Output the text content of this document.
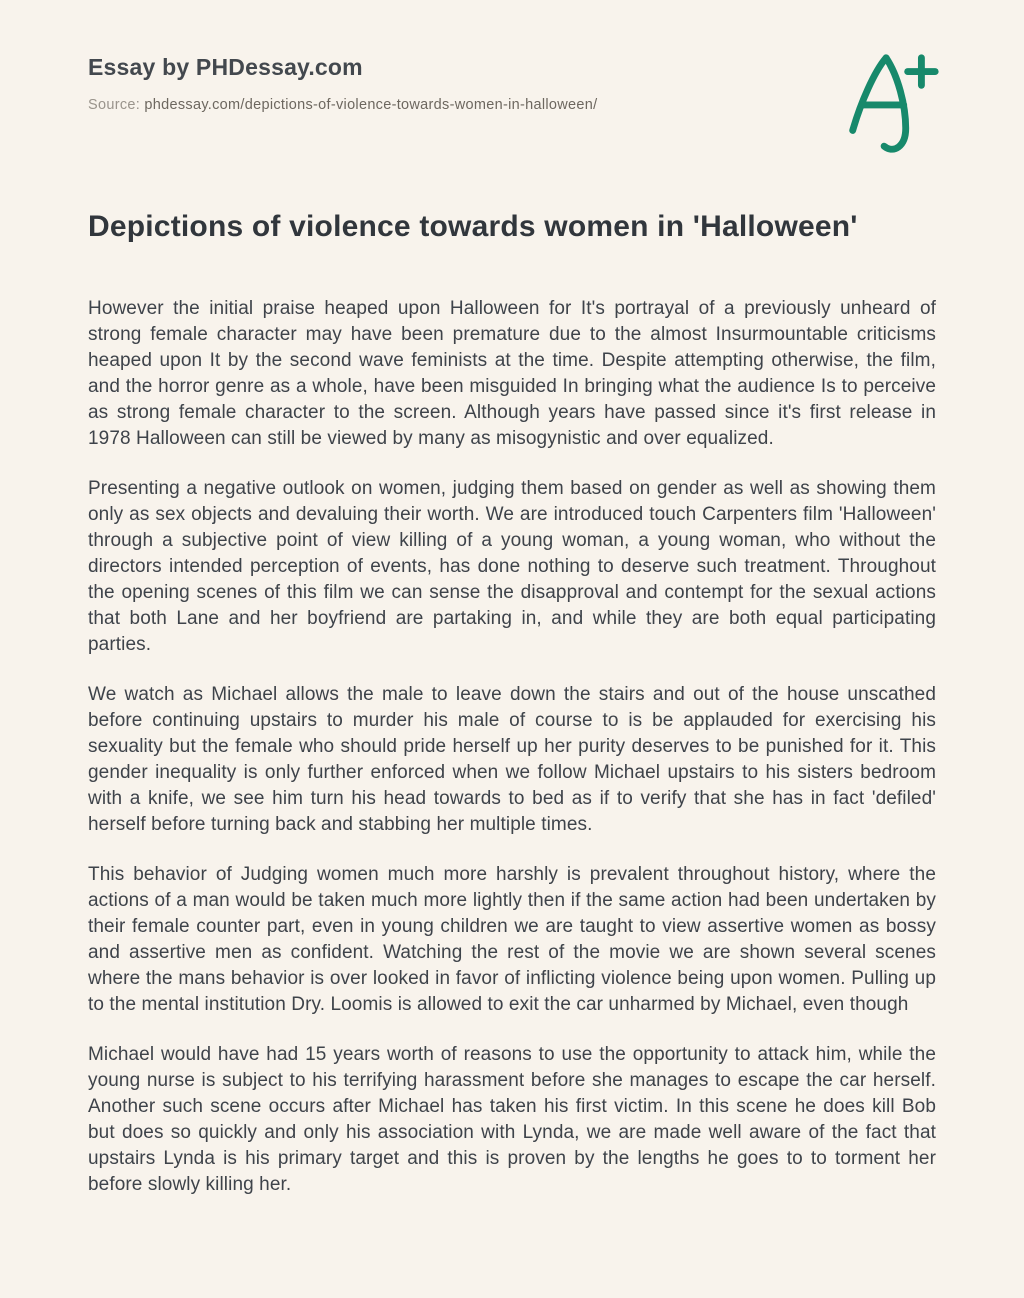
Essay by PHDessay.com

Source: phdessay.com/depictions-of-violence-towards-women-in-halloween/

Depictions of violence towards women in 'Halloween'

However the initial praise heaped upon Halloween for It's portrayal of a previously unheard of strong female character may have been premature due to the almost Insurmountable criticisms heaped upon It by the second wave feminists at the time. Despite attempting otherwise, the film, and the horror genre as a whole, have been misguided In bringing what the audience Is to perceive as strong female character to the screen. Although years have passed since it's first release in 1978 Halloween can still be viewed by many as misogynistic and over equalized.

Presenting a negative outlook on women, judging them based on gender as well as showing them only as sex objects and devaluing their worth. We are introduced touch Carpenters film 'Halloween' through a subjective point of view killing of a young woman, a young woman, who without the directors intended perception of events, has done nothing to deserve such treatment. Throughout the opening scenes of this film we can sense the disapproval and contempt for the sexual actions that both Lane and her boyfriend are partaking in, and while they are both equal participating parties.

We watch as Michael allows the male to leave down the stairs and out of the house unscathed before continuing upstairs to murder his male of course to is be applauded for exercising his sexuality but the female who should pride herself up her purity deserves to be punished for it. This gender inequality is only further enforced when we follow Michael upstairs to his sisters bedroom with a knife, we see him turn his head towards to bed as if to verify that she has in fact 'defiled' herself before turning back and stabbing her multiple times.

This behavior of Judging women much more harshly is prevalent throughout history, where the actions of a man would be taken much more lightly then if the same action had been undertaken by their female counter part, even in young children we are taught to view assertive women as bossy and assertive men as confident. Watching the rest of the movie we are shown several scenes where the mans behavior is over looked in favor of inflicting violence being upon women. Pulling up to the mental institution Dry. Loomis is allowed to exit the car unharmed by Michael, even though

Michael would have had 15 years worth of reasons to use the opportunity to attack him, while the young nurse is subject to his terrifying harassment before she manages to escape the car herself. Another such scene occurs after Michael has taken his first victim. In this scene he does kill Bob but does so quickly and only his association with Lynda, we are made well aware of the fact that upstairs Lynda is his primary target and this is proven by the lengths he goes to to torment her before slowly killing her.
